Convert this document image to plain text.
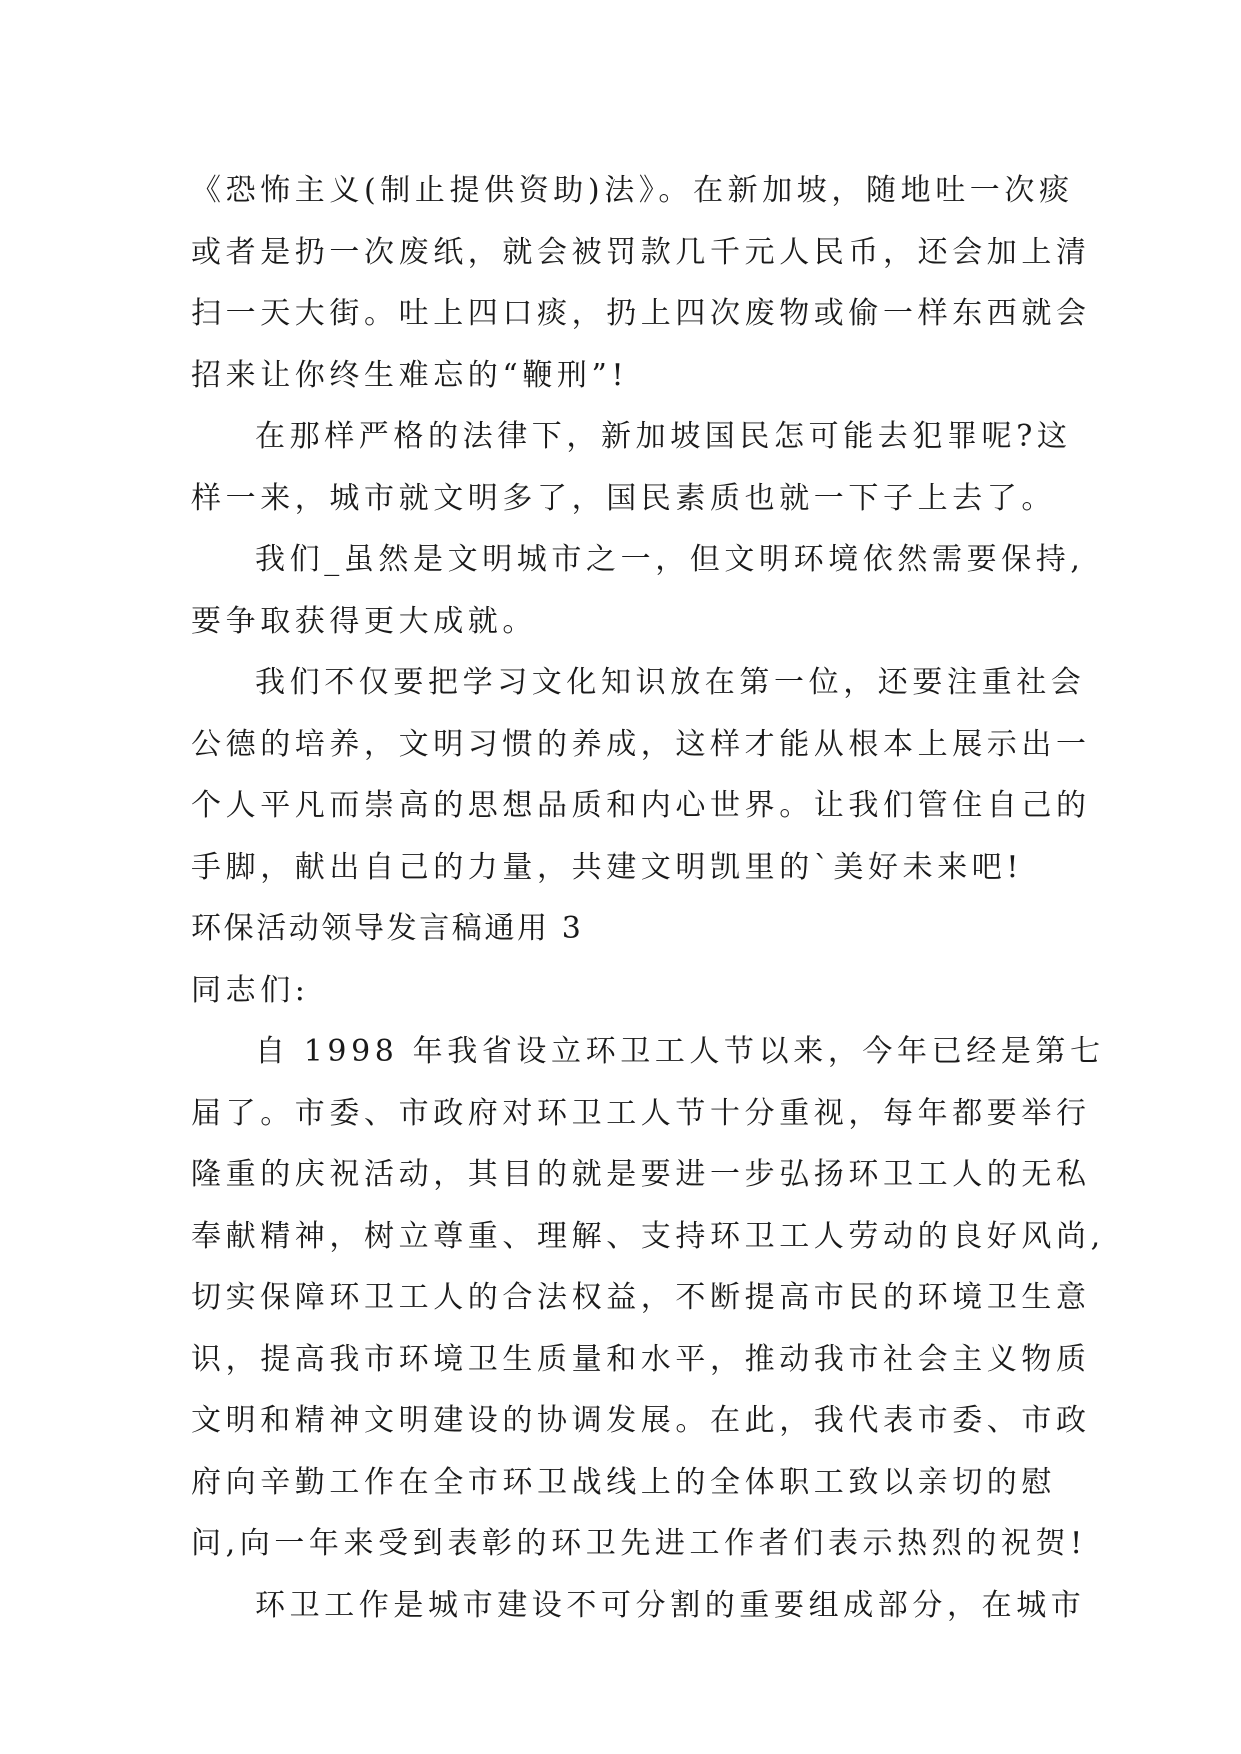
《恐怖主义(制止提供资助)法》。在新加坡，随地吐一次痰
或者是扔一次废纸，就会被罚款几千元人民币，还会加上清
扫一天大街。吐上四口痰，扔上四次废物或偷一样东西就会
招来让你终生难忘的“鞭刑”!
在那样严格的法律下，新加坡国民怎可能去犯罪呢?这
样一来，城市就文明多了，国民素质也就一下子上去了。
我们_虽然是文明城市之一，但文明环境依然需要保持,
要争取获得更大成就。
我们不仅要把学习文化知识放在第一位，还要注重社会
公德的培养，文明习惯的养成，这样才能从根本上展示出一
个人平凡而崇高的思想品质和内心世界。让我们管住自己的
手脚，献出自己的力量，共建文明凯里的`美好未来吧!
环保活动领导发言稿通用 3
同志们:
自 1998 年我省设立环卫工人节以来，今年已经是第七
届了。市委、市政府对环卫工人节十分重视，每年都要举行
隆重的庆祝活动，其目的就是要进一步弘扬环卫工人的无私
奉献精神，树立尊重、理解、支持环卫工人劳动的良好风尚,
切实保障环卫工人的合法权益，不断提高市民的环境卫生意
识，提高我市环境卫生质量和水平，推动我市社会主义物质
文明和精神文明建设的协调发展。在此，我代表市委、市政
府向辛勤工作在全市环卫战线上的全体职工致以亲切的慰
问,向一年来受到表彰的环卫先进工作者们表示热烈的祝贺!
环卫工作是城市建设不可分割的重要组成部分，在城市
